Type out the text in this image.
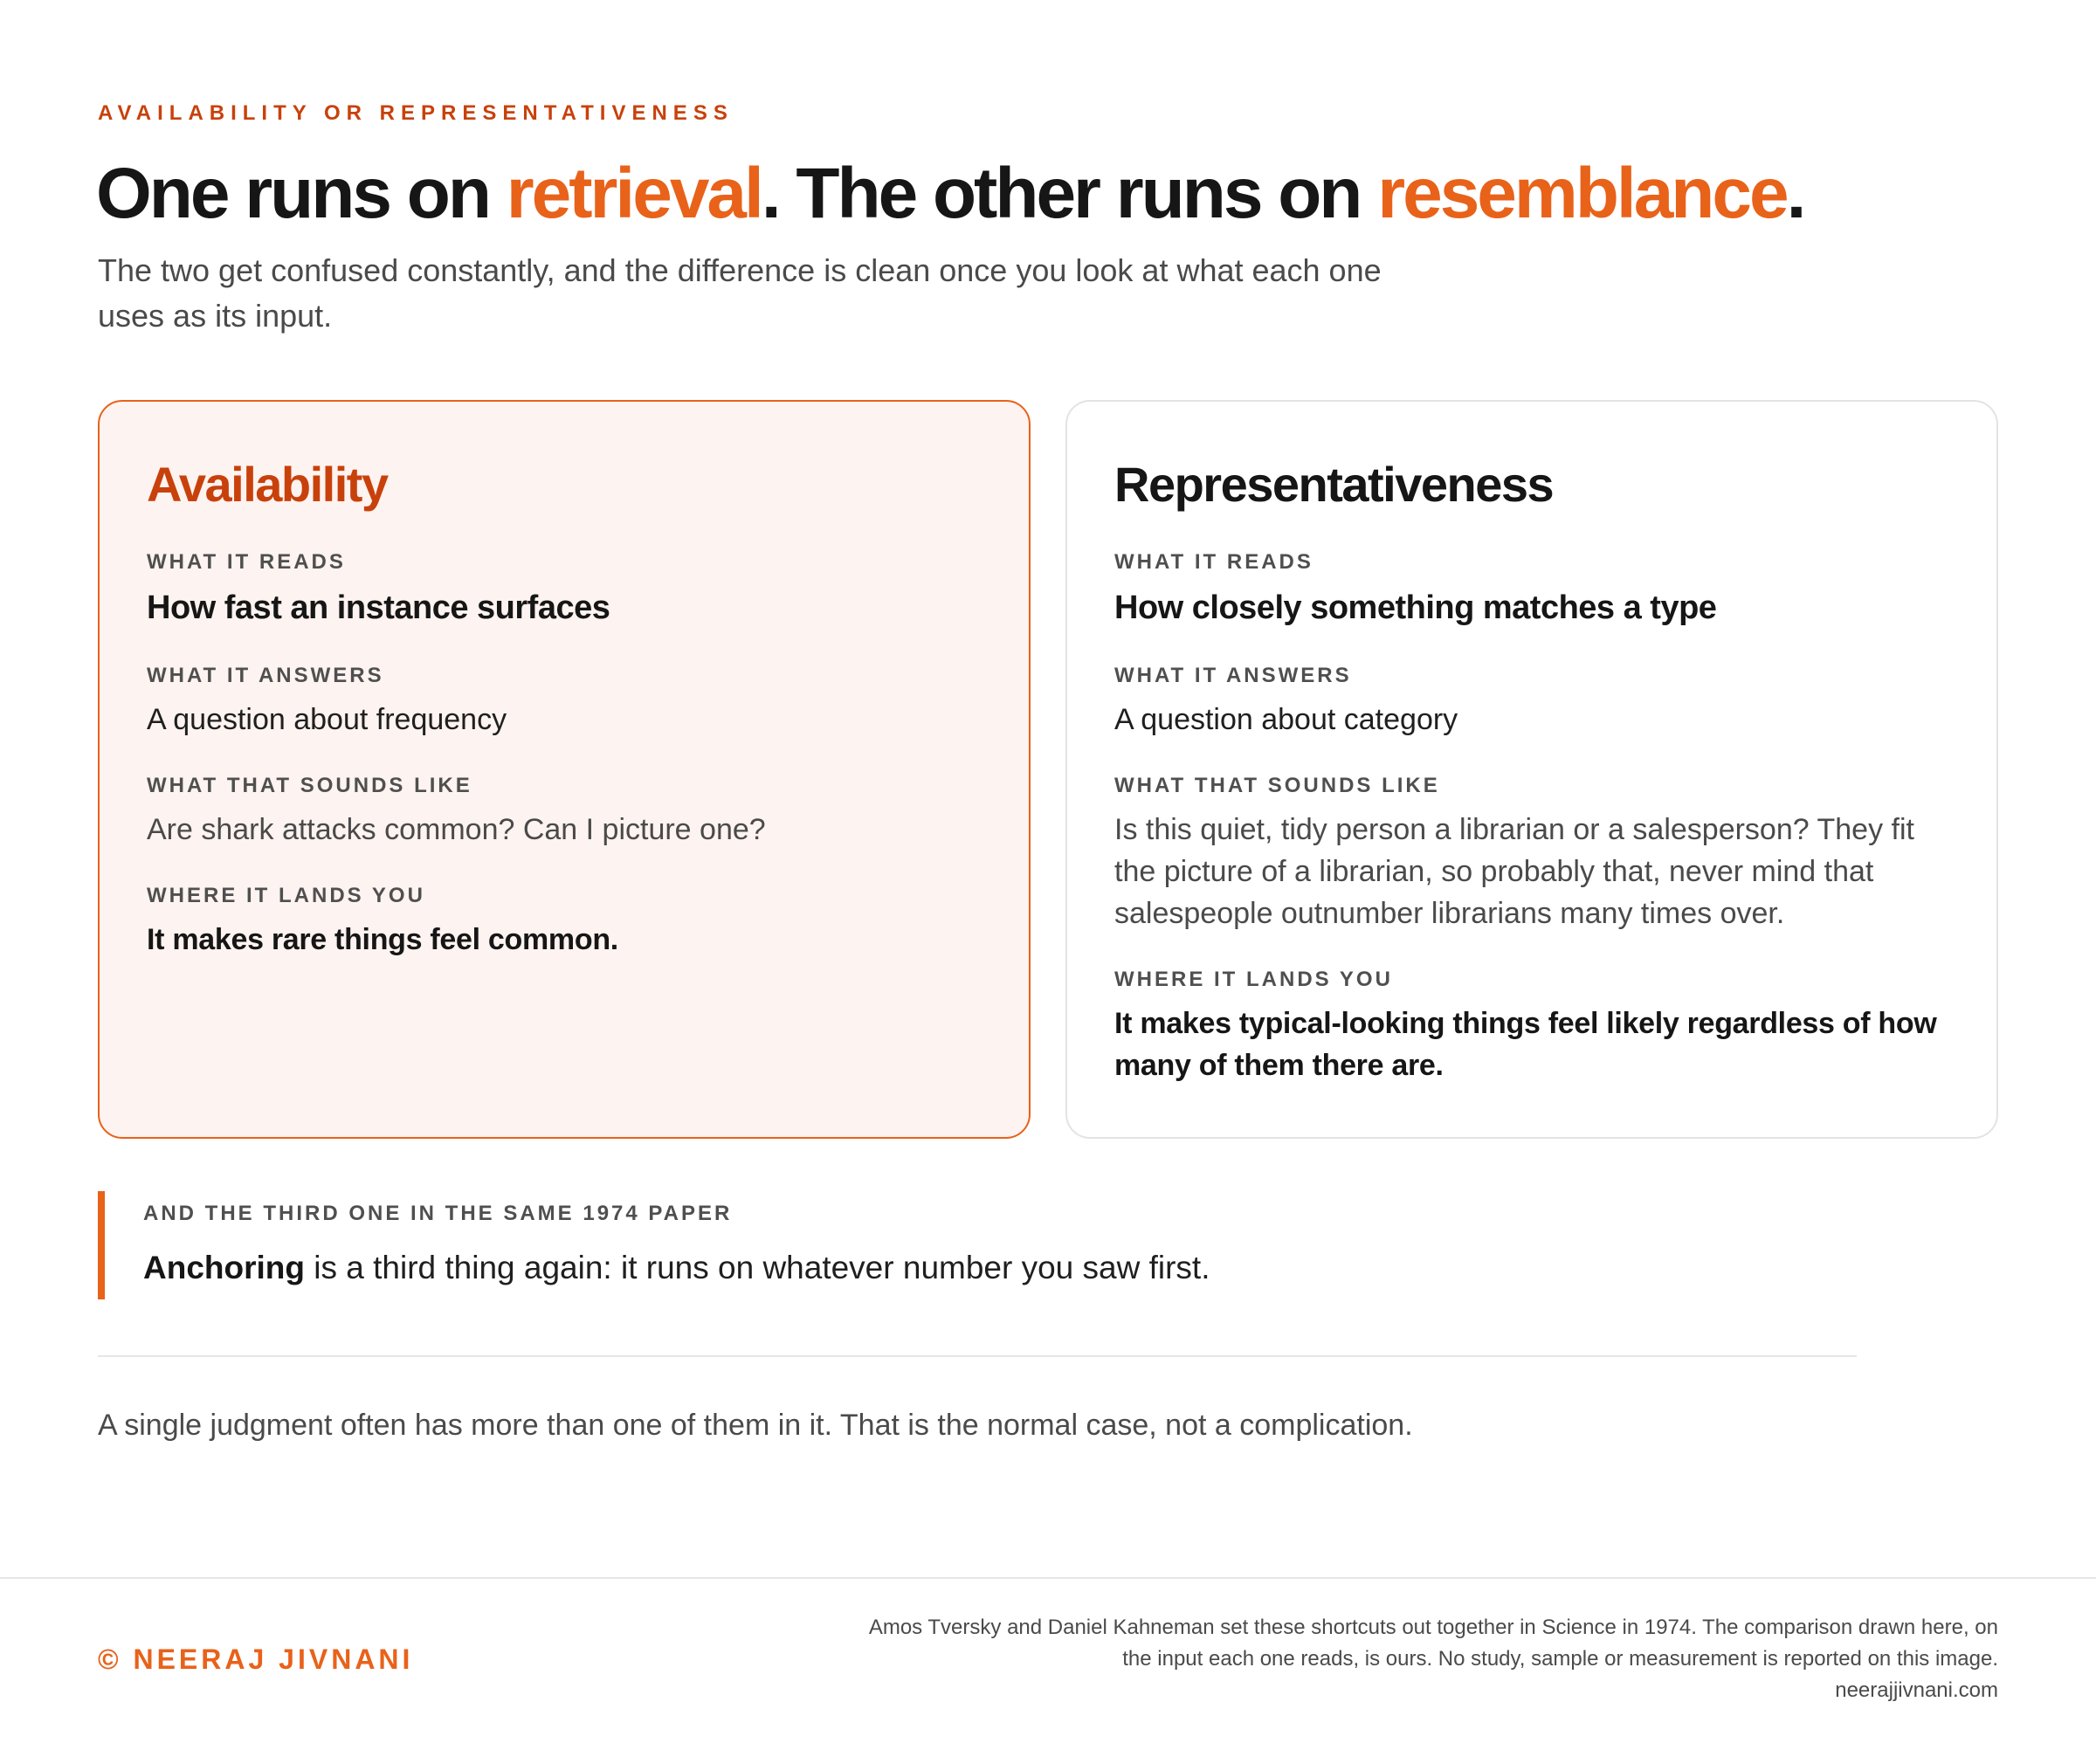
AVAILABILITY OR REPRESENTATIVENESS
One runs on retrieval. The other runs on resemblance.

The two get confused constantly, and the difference is clean once you look at what each one uses as its input.

Availability
WHAT IT READS
How fast an instance surfaces
WHAT IT ANSWERS
A question about frequency
WHAT THAT SOUNDS LIKE
Are shark attacks common? Can I picture one?
WHERE IT LANDS YOU
It makes rare things feel common.
Representativeness
WHAT IT READS
How closely something matches a type
WHAT IT ANSWERS
A question about category
WHAT THAT SOUNDS LIKE
Is this quiet, tidy person a librarian or a salesperson? They fit the picture of a librarian, so probably that, never mind that salespeople outnumber librarians many times over.
WHERE IT LANDS YOU
It makes typical-looking things feel likely regardless of how many of them there are.
AND THE THIRD ONE IN THE SAME 1974 PAPER
Anchoring is a third thing again: it runs on whatever number you saw first.

A single judgment often has more than one of them in it. That is the normal case, not a complication.

© NEERAJ JIVNANI
Amos Tversky and Daniel Kahneman set these shortcuts out together in Science in 1974. The comparison drawn here, on
the input each one reads, is ours. No study, sample or measurement is reported on this image.
neerajjivnani.com
